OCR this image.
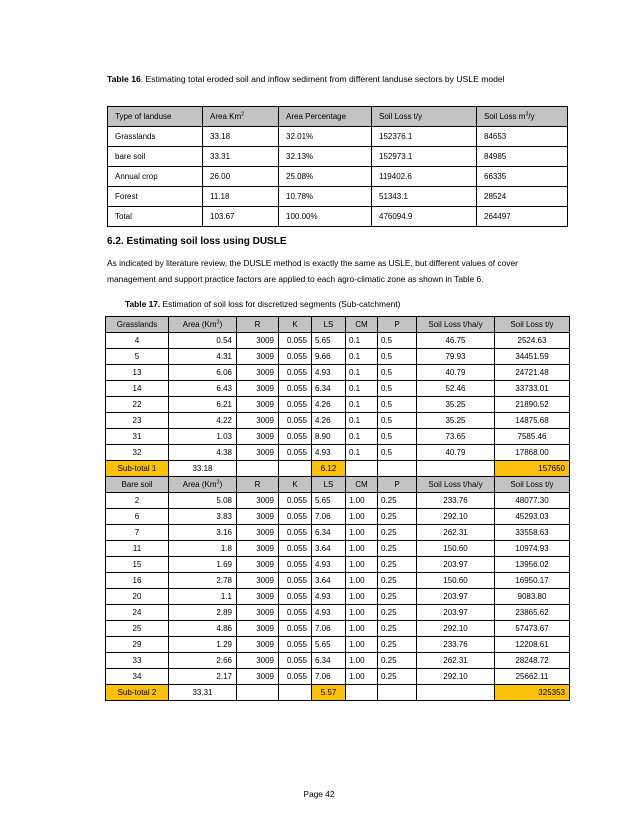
Table 16. Estimating total eroded soil and inflow sediment from different landuse sectors by USLE model
Type of landuse	Area Km$^2$	Area Percentage	Soil Loss t/y	Soil Loss $m^3/y$
Grasslands	33.18	32.01%	152376.1	84653
bare soil	33.31	32.13%	152973.1	84985
Annual crop	26.00	25.08%	119402.6	66335
Forest	11.18	10.78%	51343.1	28524
Total	103.67	100.00%	476094.9	264497
6.2. Estimating soil loss using DUSLE
As indicated by literature review, the DUSLE method is exactly the same as USLE, but different values of cover management and support practice factors are applied to each agro-climatic zone as shown in Table 6.
Table 17. Estimation of soil loss for discretized segments (Sub-catchment)
Grasslands	Area (Km$^2$)	R	K	LS	CM	P	Soil Loss t/ha/y	Soil Loss t/y
4	0.54	3009	0.055	5.65	0.1	0.5	46.75	2524.63
5	4.31	3009	0.055	9.66	0.1	0.5	79.93	34451.59
13	6.06	3009	0.055	4.93	0.1	0.5	40.79	24721.48
14	6.43	3009	0.055	6.34	0.1	0.5	52.46	33733.01
22	6.21	3009	0.055	4.26	0.1	0.5	35.25	21890.52
23	4.22	3009	0.055	4.26	0.1	0.5	35.25	14875.68
31	1.03	3009	0.055	8.90	0.1	0.5	73.65	7585.46
32	4.38	3009	0.055	4.93	0.1	0.5	40.79	17868.00
Sub-total 1	33.18			6.12				157650
Bare soil	Area (Km$^2$)	R	K	LS	CM	P	Soil Loss t/ha/y	Soil Loss t/y
2	5.08	3009	0.055	5.65	1.00	0.25	233.76	48077.30
6	3.83	3009	0.055	7.06	1.00	0.25	292.10	45293.03
7	3.16	3009	0.055	6.34	1.00	0.25	262.31	33558.63
11	1.8	3009	0.055	3.64	1.00	0.25	150.60	10974.93
15	1.69	3009	0.055	4.93	1.00	0.25	203.97	13956.02
16	2.78	3009	0.055	3.64	1.00	0.25	150.60	16950.17
20	1.1	3009	0.055	4.93	1.00	0.25	203.97	9083.80
24	2.89	3009	0.055	4.93	1.00	0.25	203.97	23865.62
25	4.86	3009	0.055	7.06	1.00	0.25	292.10	57473.67
29	1.29	3009	0.055	5.65	1.00	0.25	233.76	12208.61
33	2.66	3009	0.055	6.34	1.00	0.25	262.31	28248.72
34	2.17	3009	0.055	7.06	1.00	0.25	292.10	25662.11
Sub-total 2	33.31			5.57				325353
Page 42
